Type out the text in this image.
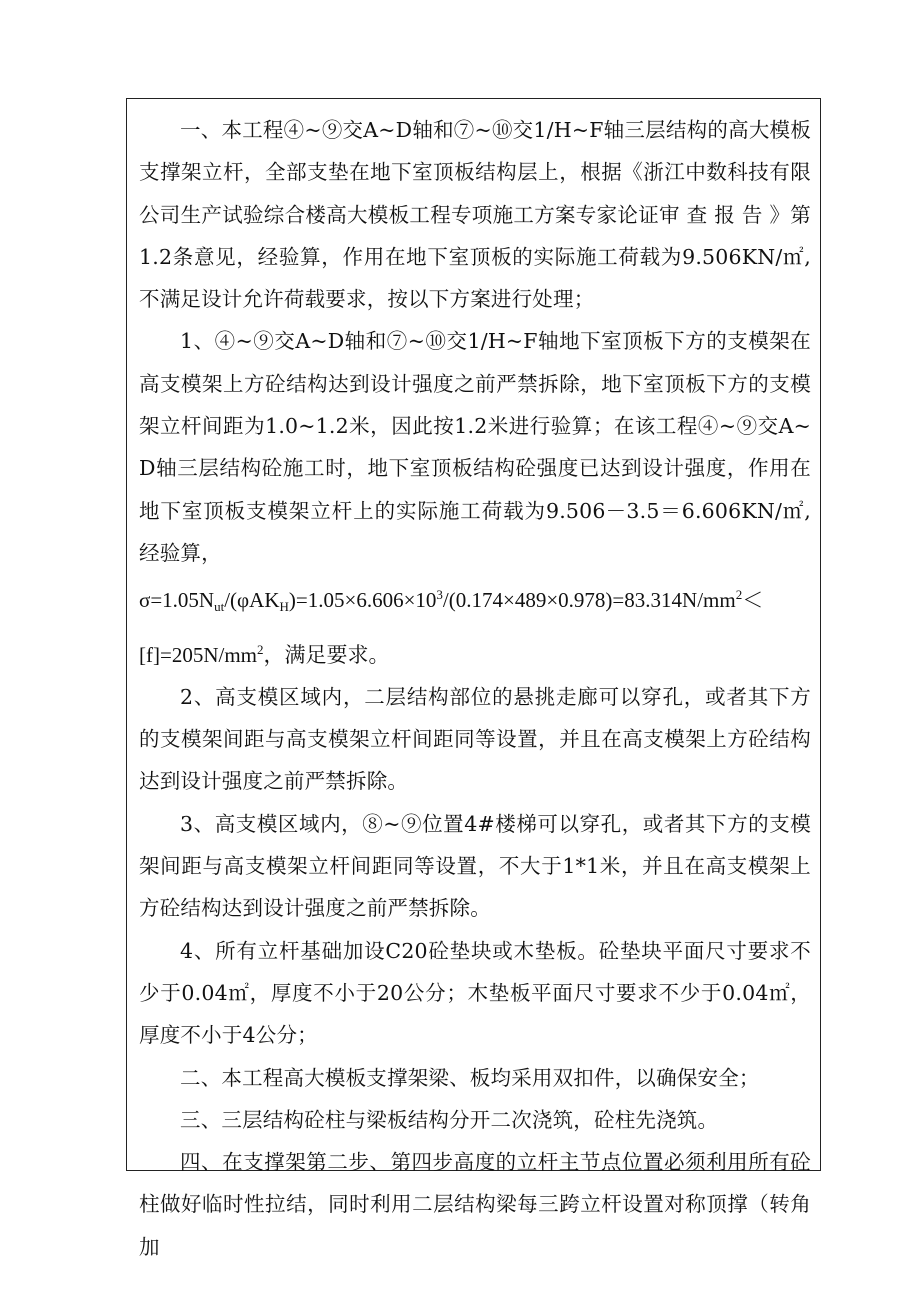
一、本工程④~⑨交A~D轴和⑦~⑩交1/H~F轴三层结构的高大模板支撑架立杆，全部支垫在地下室顶板结构层上，根据《浙江中数科技有限公司生产试验综合楼高大模板工程专项施工方案专家论证审 查 报 告 》第1.2条意见，经验算，作用在地下室顶板的实际施工荷载为9.506KN/㎡, 不满足设计允许荷载要求，按以下方案进行处理；

1、④~⑨交A~D轴和⑦~⑩交1/H~F轴地下室顶板下方的支模架在高支模架上方砼结构达到设计强度之前严禁拆除，地下室顶板下方的支模架立杆间距为1.0~1.2米，因此按1.2米进行验算；在该工程④~⑨交A~D轴三层结构砼施工时，地下室顶板结构砼强度已达到设计强度，作用在地下室顶板支模架立杆上的实际施工荷载为9.506－3.5＝6.606KN/㎡,经验算，

$\sigma=1.05N_{ut}/(\varphi AK_H)=1.05\times 6.606\times 10^3/(0.174\times 489\times 0.978)=83.314N/mm^2<$
$[f]=205N/mm^2$，满足要求。

2、高支模区域内，二层结构部位的悬挑走廊可以穿孔，或者其下方的支模架间距与高支模架立杆间距同等设置，并且在高支模架上方砼结构达到设计强度之前严禁拆除。

3、高支模区域内，⑧~⑨位置4#楼梯可以穿孔，或者其下方的支模架间距与高支模架立杆间距同等设置，不大于1*1米，并且在高支模架上方砼结构达到设计强度之前严禁拆除。

4、所有立杆基础加设C20砼垫块或木垫板。砼垫块平面尺寸要求不少于0.04㎡，厚度不小于20公分；木垫板平面尺寸要求不少于0.04㎡，厚度不小于4公分；

二、本工程高大模板支撑架梁、板均采用双扣件，以确保安全；

三、三层结构砼柱与梁板结构分开二次浇筑，砼柱先浇筑。

四、在支撑架第二步、第四步高度的立杆主节点位置必须利用所有砼柱做好临时性拉结，同时利用二层结构梁每三跨立杆设置对称顶撑（转角加
